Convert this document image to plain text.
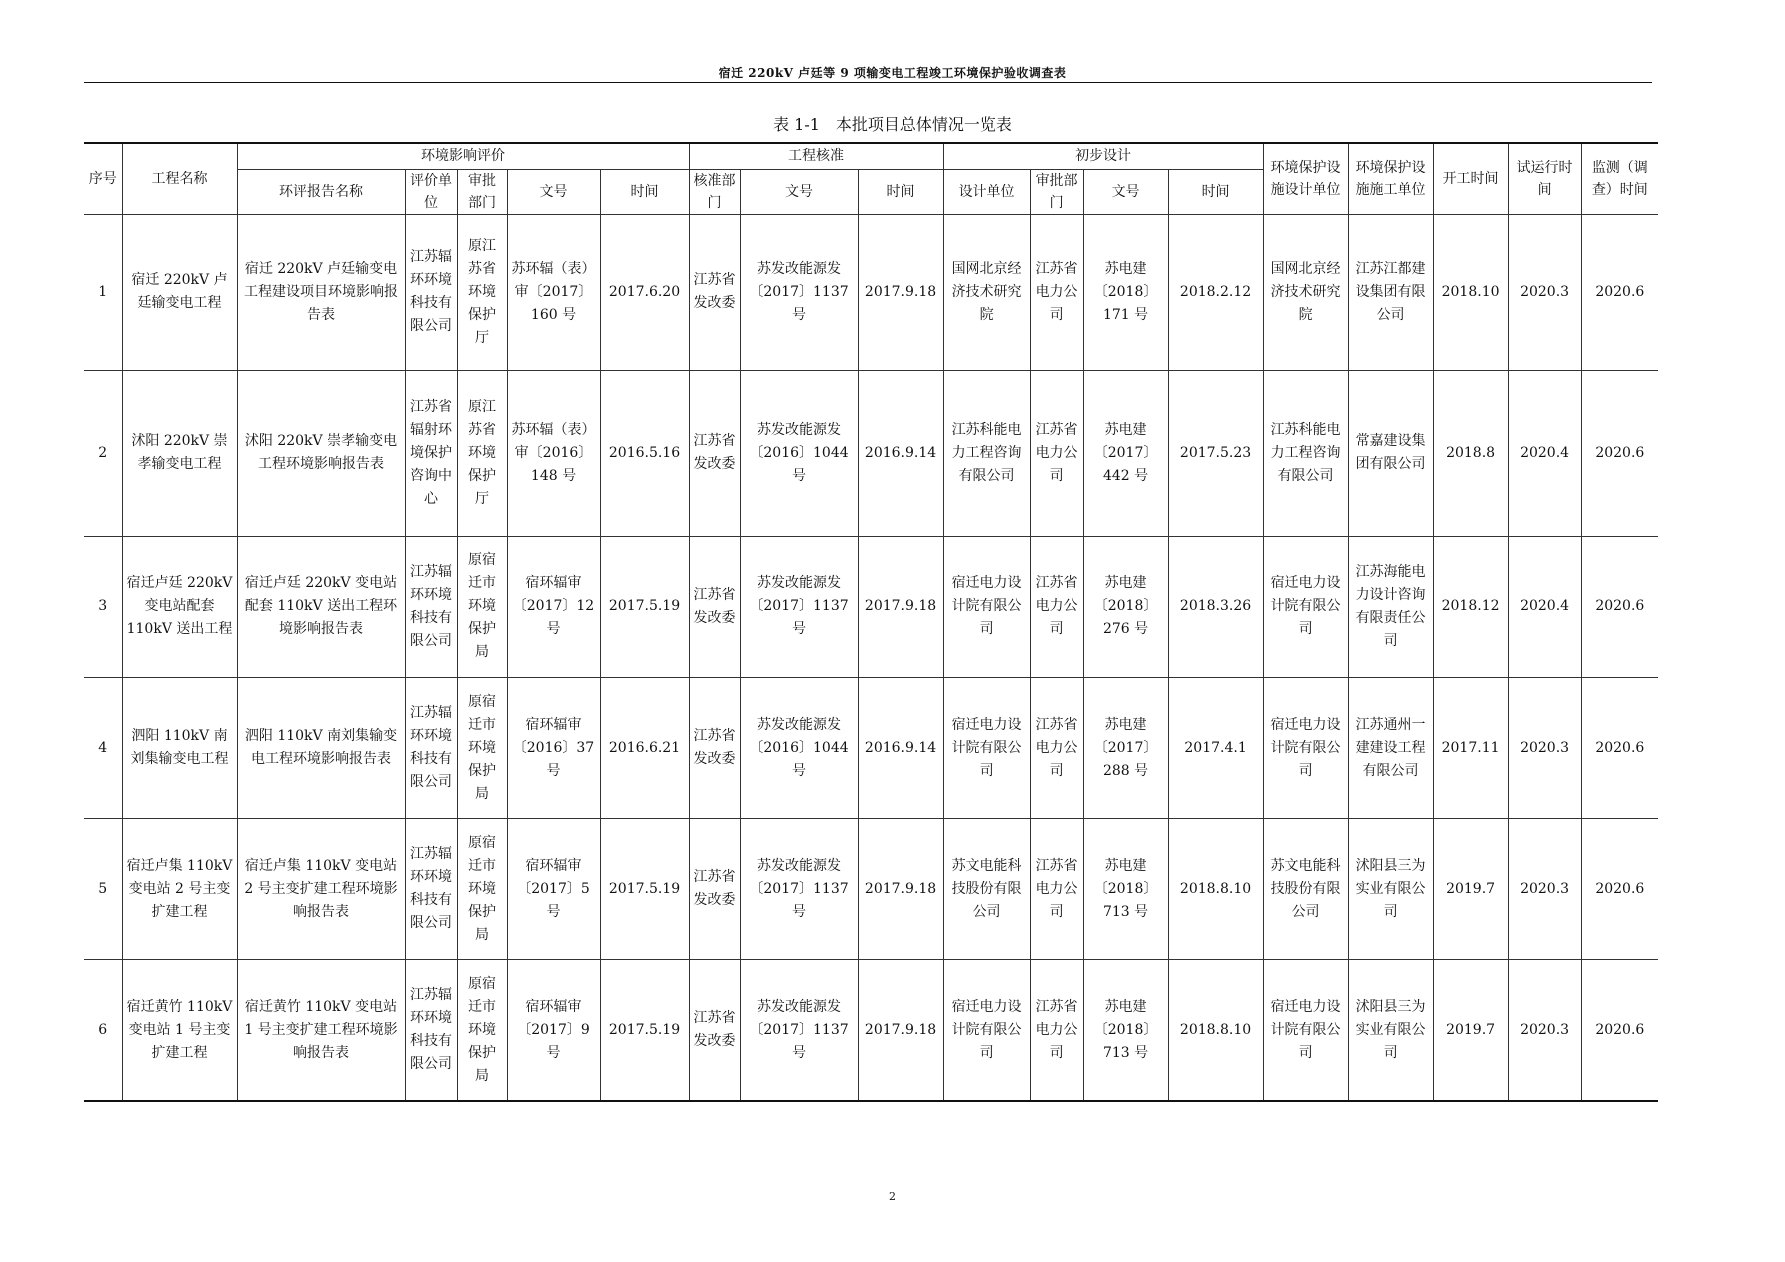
宿迁 220kV 卢廷等 9 项输变电工程竣工环境保护验收调查表
表 1-1　本批项目总体情况一览表
序号	工程名称	环境影响评价					工程核准			初步设计				环境保护设施设计单位	环境保护设施施工单位	开工时间	试运行时间	监测（调查）时间
		环评报告名称	评价单位	审批部门	文号	时间	核准部门	文号	时间	设计单位	审批部门	文号	时间					
1	宿迁 220kV 卢廷输变电工程	宿迁 220kV 卢廷输变电工程建设项目环境影响报告表	江苏辐环环境科技有限公司	原江苏省环境保护厅	苏环辐（表）审〔2017〕160 号	2017.6.20	江苏省发改委	苏发改能源发〔2017〕1137 号	2017.9.18	国网北京经济技术研究院	江苏省电力公司	苏电建〔2018〕171 号	2018.2.12	国网北京经济技术研究院	江苏江都建设集团有限公司	2018.10	2020.3	2020.6
2	沭阳 220kV 崇孝输变电工程	沭阳 220kV 崇孝输变电工程环境影响报告表	江苏省辐射环境保护咨询中心	原江苏省环境保护厅	苏环辐（表）审〔2016〕148 号	2016.5.16	江苏省发改委	苏发改能源发〔2016〕1044 号	2016.9.14	江苏科能电力工程咨询有限公司	江苏省电力公司	苏电建〔2017〕442 号	2017.5.23	江苏科能电力工程咨询有限公司	常嘉建设集团有限公司	2018.8	2020.4	2020.6
3	宿迁卢廷 220kV 变电站配套 110kV 送出工程	宿迁卢廷 220kV 变电站配套 110kV 送出工程环境影响报告表	江苏辐环环境科技有限公司	原宿迁市环境保护局	宿环辐审〔2017〕12 号	2017.5.19	江苏省发改委	苏发改能源发〔2017〕1137 号	2017.9.18	宿迁电力设计院有限公司	江苏省电力公司	苏电建〔2018〕276 号	2018.3.26	宿迁电力设计院有限公司	江苏海能电力设计咨询有限责任公司	2018.12	2020.4	2020.6
4	泗阳 110kV 南刘集输变电工程	泗阳 110kV 南刘集输变电工程环境影响报告表	江苏辐环环境科技有限公司	原宿迁市环境保护局	宿环辐审〔2016〕37 号	2016.6.21	江苏省发改委	苏发改能源发〔2016〕1044 号	2016.9.14	宿迁电力设计院有限公司	江苏省电力公司	苏电建〔2017〕288 号	2017.4.1	宿迁电力设计院有限公司	江苏通州一建建设工程有限公司	2017.11	2020.3	2020.6
5	宿迁卢集 110kV 变电站 2 号主变扩建工程	宿迁卢集 110kV 变电站 2 号主变扩建工程环境影响报告表	江苏辐环环境科技有限公司	原宿迁市环境保护局	宿环辐审〔2017〕5 号	2017.5.19	江苏省发改委	苏发改能源发〔2017〕1137 号	2017.9.18	苏文电能科技股份有限公司	江苏省电力公司	苏电建〔2018〕713 号	2018.8.10	苏文电能科技股份有限公司	沭阳县三为实业有限公司	2019.7	2020.3	2020.6
6	宿迁黄竹 110kV 变电站 1 号主变扩建工程	宿迁黄竹 110kV 变电站 1 号主变扩建工程环境影响报告表	江苏辐环环境科技有限公司	原宿迁市环境保护局	宿环辐审〔2017〕9 号	2017.5.19	江苏省发改委	苏发改能源发〔2017〕1137 号	2017.9.18	宿迁电力设计院有限公司	江苏省电力公司	苏电建〔2018〕713 号	2018.8.10	宿迁电力设计院有限公司	沭阳县三为实业有限公司	2019.7	2020.3	2020.6
2
